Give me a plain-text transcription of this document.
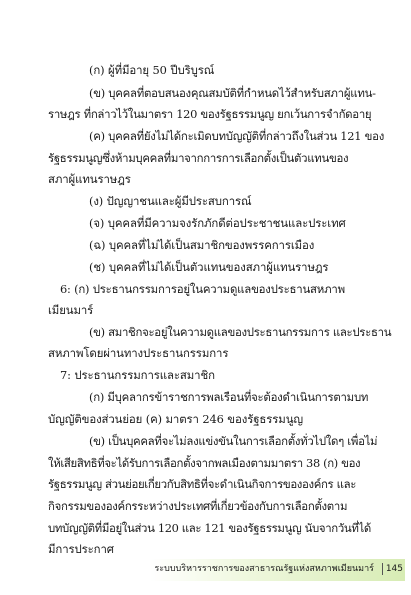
(ก) ผู้ที่มีอายุ 50 ปีบริบูรณ์
(ข) บุคคลที่ตอบสนองคุณสมบัติที่กำหนดไว้สำหรับสภาผู้แทน-
ราษฎร ที่กล่าวไว้ในมาตรา 120 ของรัฐธรรมนูญ ยกเว้นการจำกัดอายุ
(ค) บุคคลที่ยังไม่ได้กะเมิดบทบัญญัติที่กล่าวถึงในส่วน 121 ของ
รัฐธรรมนูญซึ่งห้ามบุคคลที่มาจากการการเลือกตั้งเป็นตัวแทนของ
สภาผู้แทนราษฎร
(ง) ปัญญาชนและผู้มีประสบการณ์
(จ) บุคคลที่มีความจงรักภักดีต่อประชาชนและประเทศ
(ฉ) บุคคลที่ไม่ได้เป็นสมาชิกของพรรคการเมือง
(ช) บุคคลที่ไม่ได้เป็นตัวแทนของสภาผู้แทนราษฎร
6: (ก) ประธานกรรมการอยู่ในความดูแลของประธานสหภาพ
เมียนมาร์
(ข) สมาชิกจะอยู่ในความดูแลของประธานกรรมการ และประธาน
สหภาพโดยผ่านทางประธานกรรมการ
7: ประธานกรรมการและสมาชิก
(ก) มีบุคลากรข้าราชการพลเรือนที่จะต้องดำเนินการตามบท
บัญญัติของส่วนย่อย (ค) มาตรา 246 ของรัฐธรรมนูญ
(ข) เป็นบุคคลที่จะไม่ลงแข่งขันในการเลือกตั้งทั่วไปใดๆ เพื่อไม่
ให้เสียสิทธิที่จะได้รับการเลือกตั้งจากพลเมืองตามมาตรา 38 (ก) ของ
รัฐธรรมนูญ ส่วนย่อยเกี่ยวกับสิทธิที่จะดำเนินกิจการขององค์กร และ
กิจกรรมขององค์กรระหว่างประเทศที่เกี่ยวข้องกับการเลือกตั้งตาม
บทบัญญัติที่มีอยู่ในส่วน 120 และ 121 ของรัฐธรรมนูญ นับจากวันที่ได้
มีการประกาศ
ระบบบริหารราชการของสาธารณรัฐแห่งสหภาพเมียนมาร์ 145
